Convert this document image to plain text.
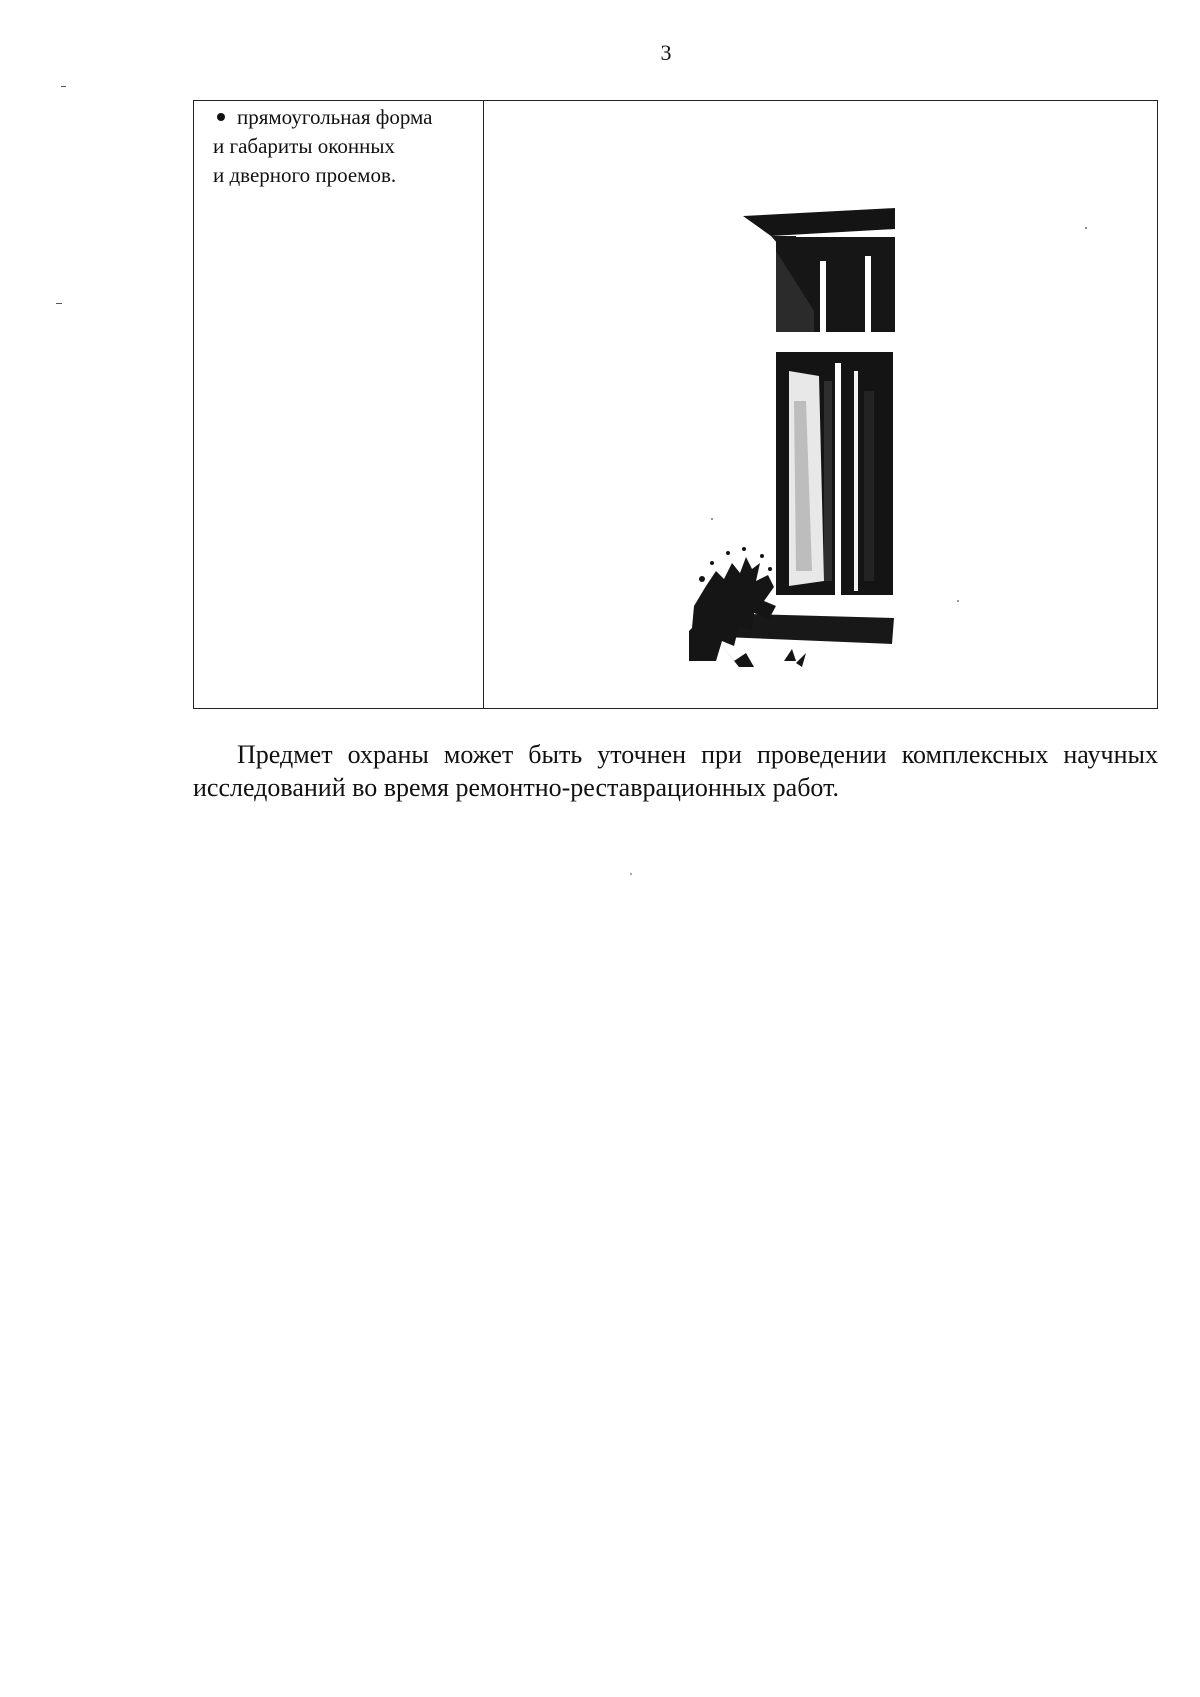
3
прямоугольная форма
и габариты оконных
и дверного проемов.

Предмет охраны может быть уточнен при проведении комплексных научных исследований во время ремонтно-реставрационных работ.
